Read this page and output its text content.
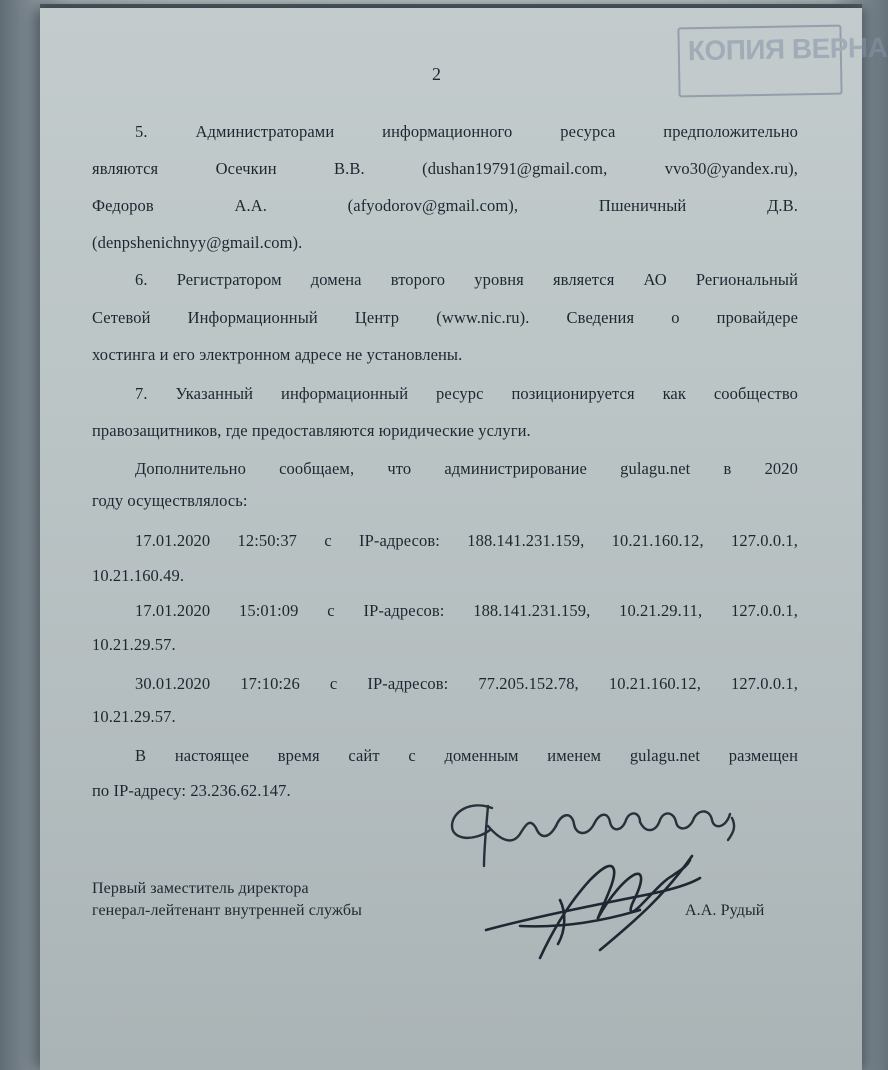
КОПИЯ ВЕРНА
2
5. Администраторами информационного ресурса предположительно
являются Осечкин В.В. (dushan19791@gmail.com, vvo30@yandex.ru),
Федоров А.А. (afyodorov@gmail.com), Пшеничный Д.В.
(denpshenichnyy@gmail.com).
6. Регистратором домена второго уровня является АО Региональный
Сетевой Информационный Центр (www.nic.ru). Сведения о провайдере
хостинга и его электронном адресе не установлены.
7. Указанный информационный ресурс позиционируется как сообщество
правозащитников, где предоставляются юридические услуги.
Дополнительно сообщаем, что администрирование gulagu.net в 2020
году осуществлялось:
17.01.2020 12:50:37 с IP-адресов: 188.141.231.159, 10.21.160.12, 127.0.0.1,
10.21.160.49.
17.01.2020 15:01:09 с IP-адресов: 188.141.231.159, 10.21.29.11, 127.0.0.1,
10.21.29.57.
30.01.2020 17:10:26 с IP-адресов: 77.205.152.78, 10.21.160.12, 127.0.0.1,
10.21.29.57.
В настоящее время сайт с доменным именем gulagu.net размещен
по IP-адресу: 23.236.62.147.
Первый заместитель директора
генерал-лейтенант внутренней службы	А.А. Рудый
